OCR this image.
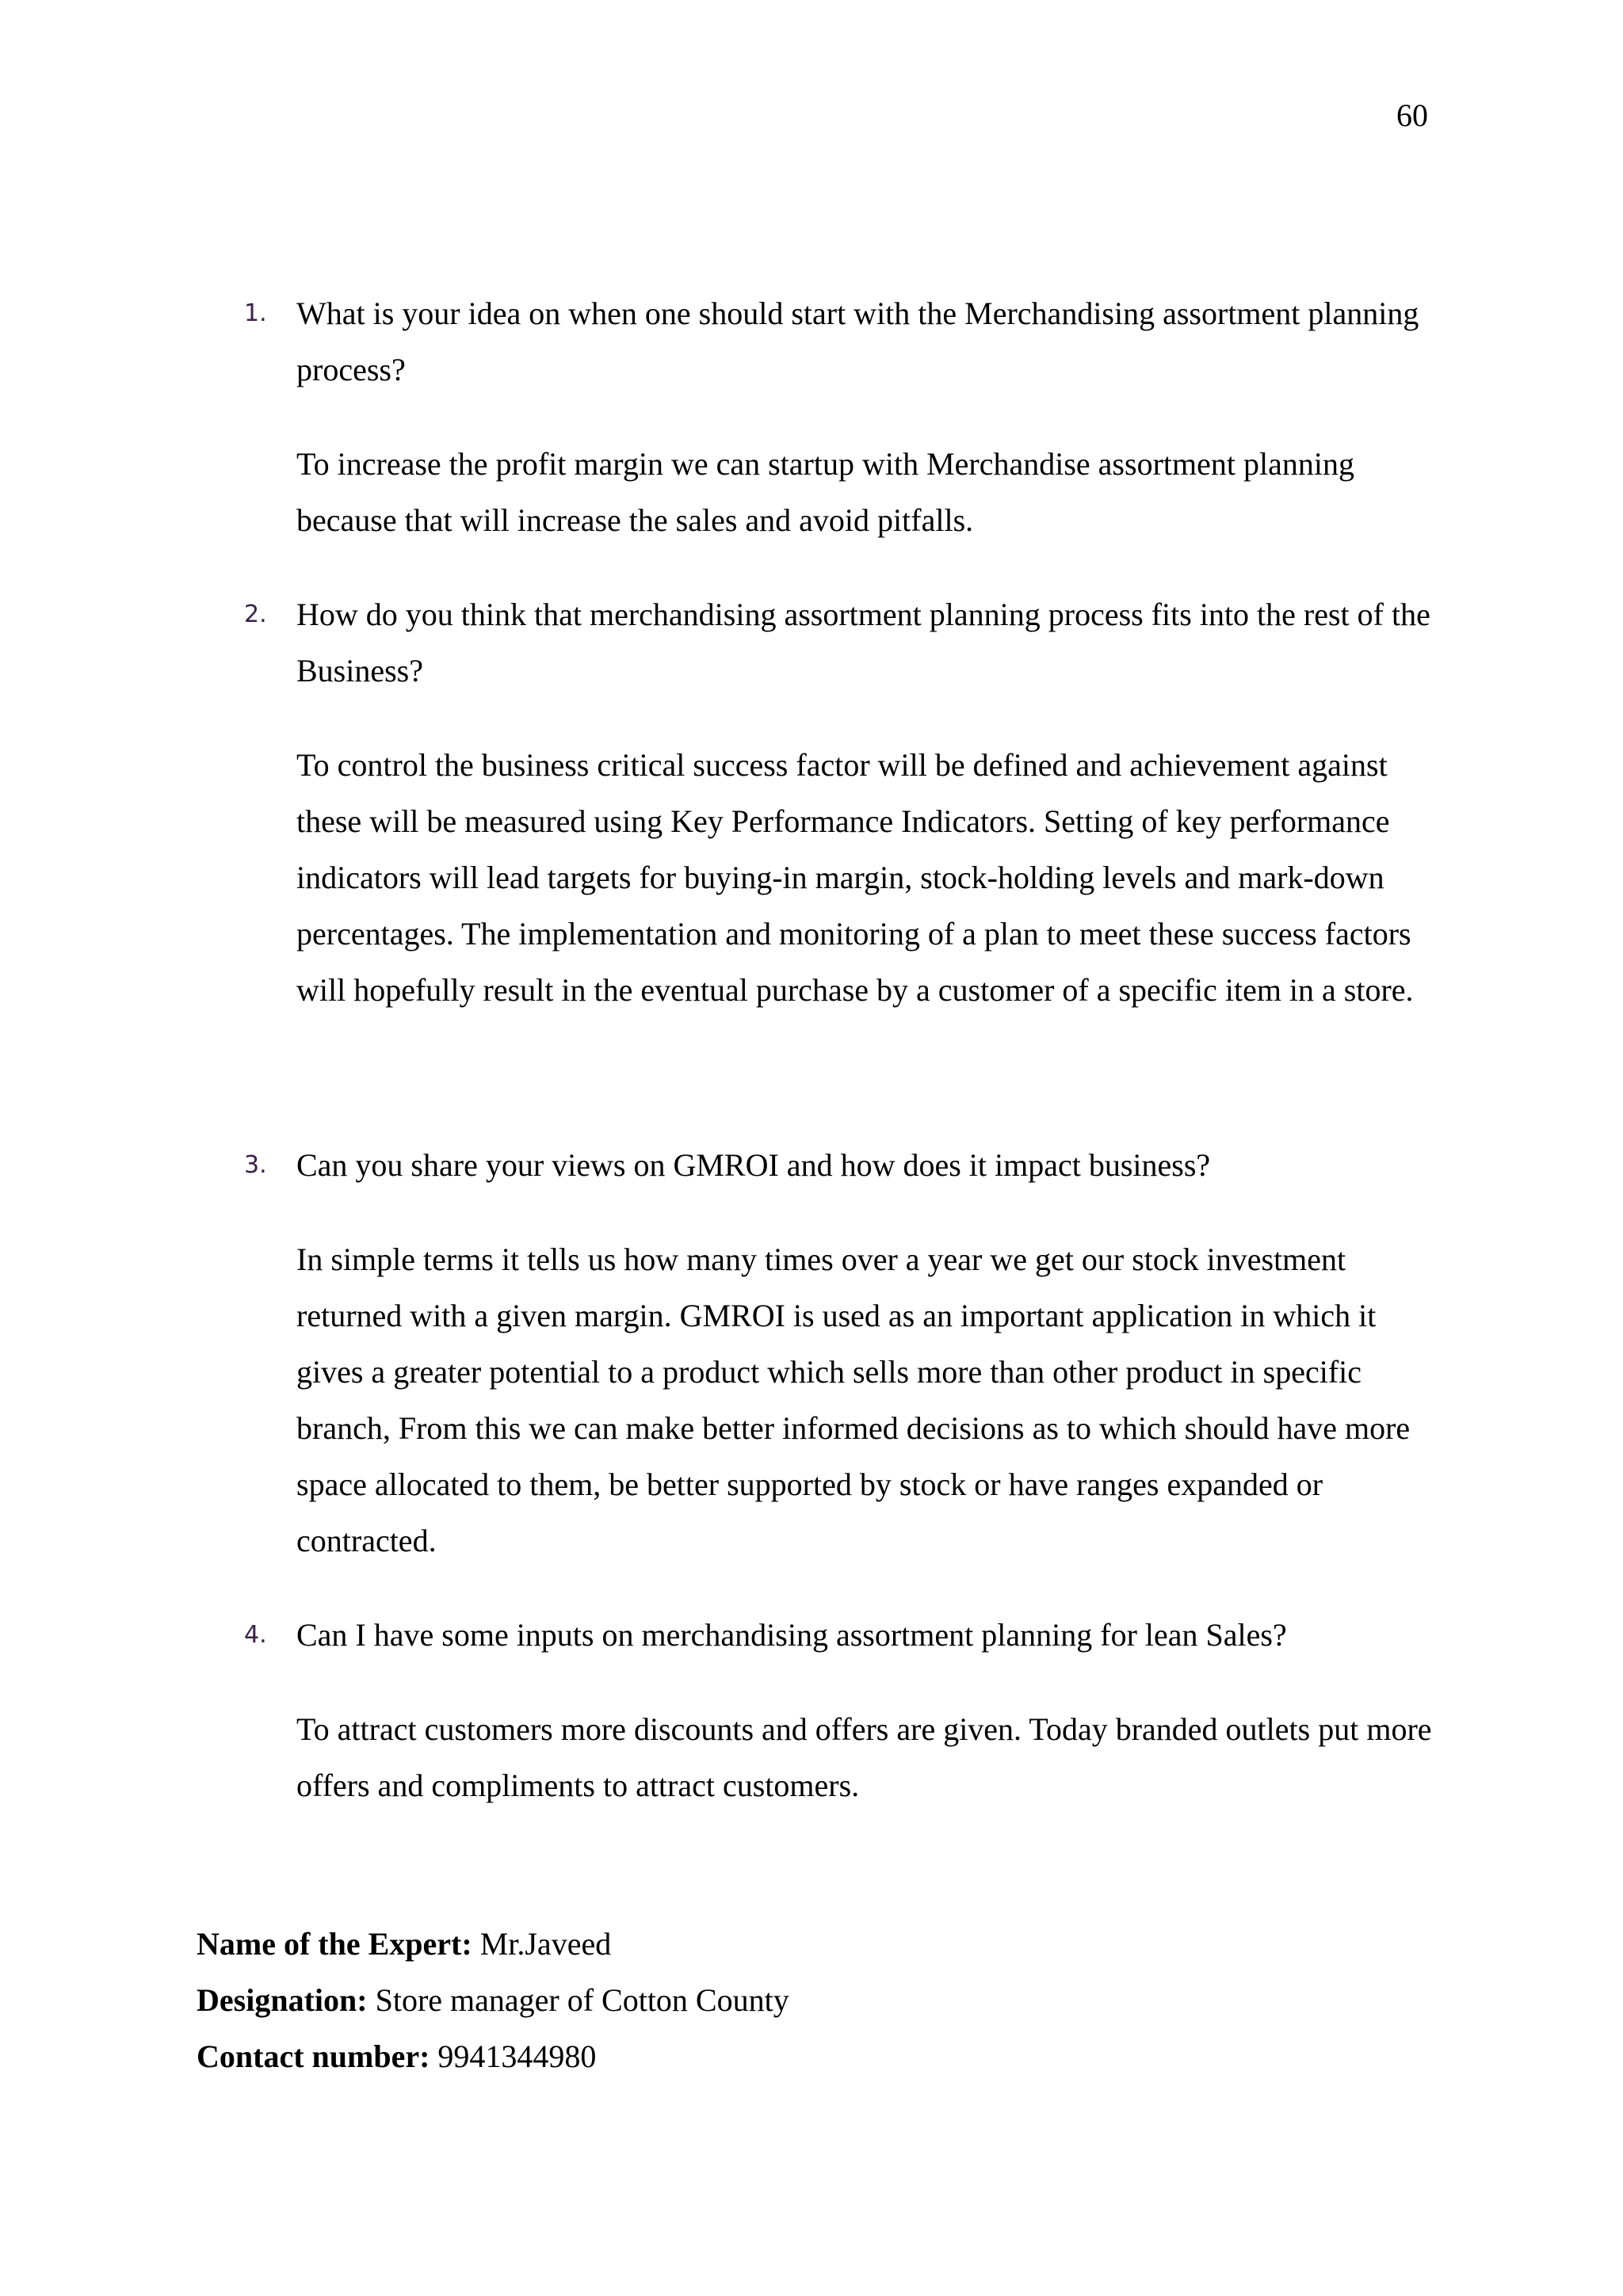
60
1. What is your idea on when one should start with the Merchandising assortment planning process?

To increase the profit margin we can startup with Merchandise assortment planning because that will increase the sales and avoid pitfalls.

2. How do you think that merchandising assortment planning process fits into the rest of the Business?

To control the business critical success factor will be defined and achievement against these will be measured using Key Performance Indicators. Setting of key performance indicators will lead targets for buying-in margin, stock-holding levels and mark-down percentages. The implementation and monitoring of a plan to meet these success factors will hopefully result in the eventual purchase by a customer of a specific item in a store.

3. Can you share your views on GMROI and how does it impact business?

In simple terms it tells us how many times over a year we get our stock investment returned with a given margin. GMROI is used as an important application in which it gives a greater potential to a product which sells more than other product in specific branch, From this we can make better informed decisions as to which should have more space allocated to them, be better supported by stock or have ranges expanded or contracted.

4. Can I have some inputs on merchandising assortment planning for lean Sales?

To attract customers more discounts and offers are given. Today branded outlets put more offers and compliments to attract customers.

Name of the Expert: Mr.Javeed

Designation: Store manager of Cotton County

Contact number: 9941344980
